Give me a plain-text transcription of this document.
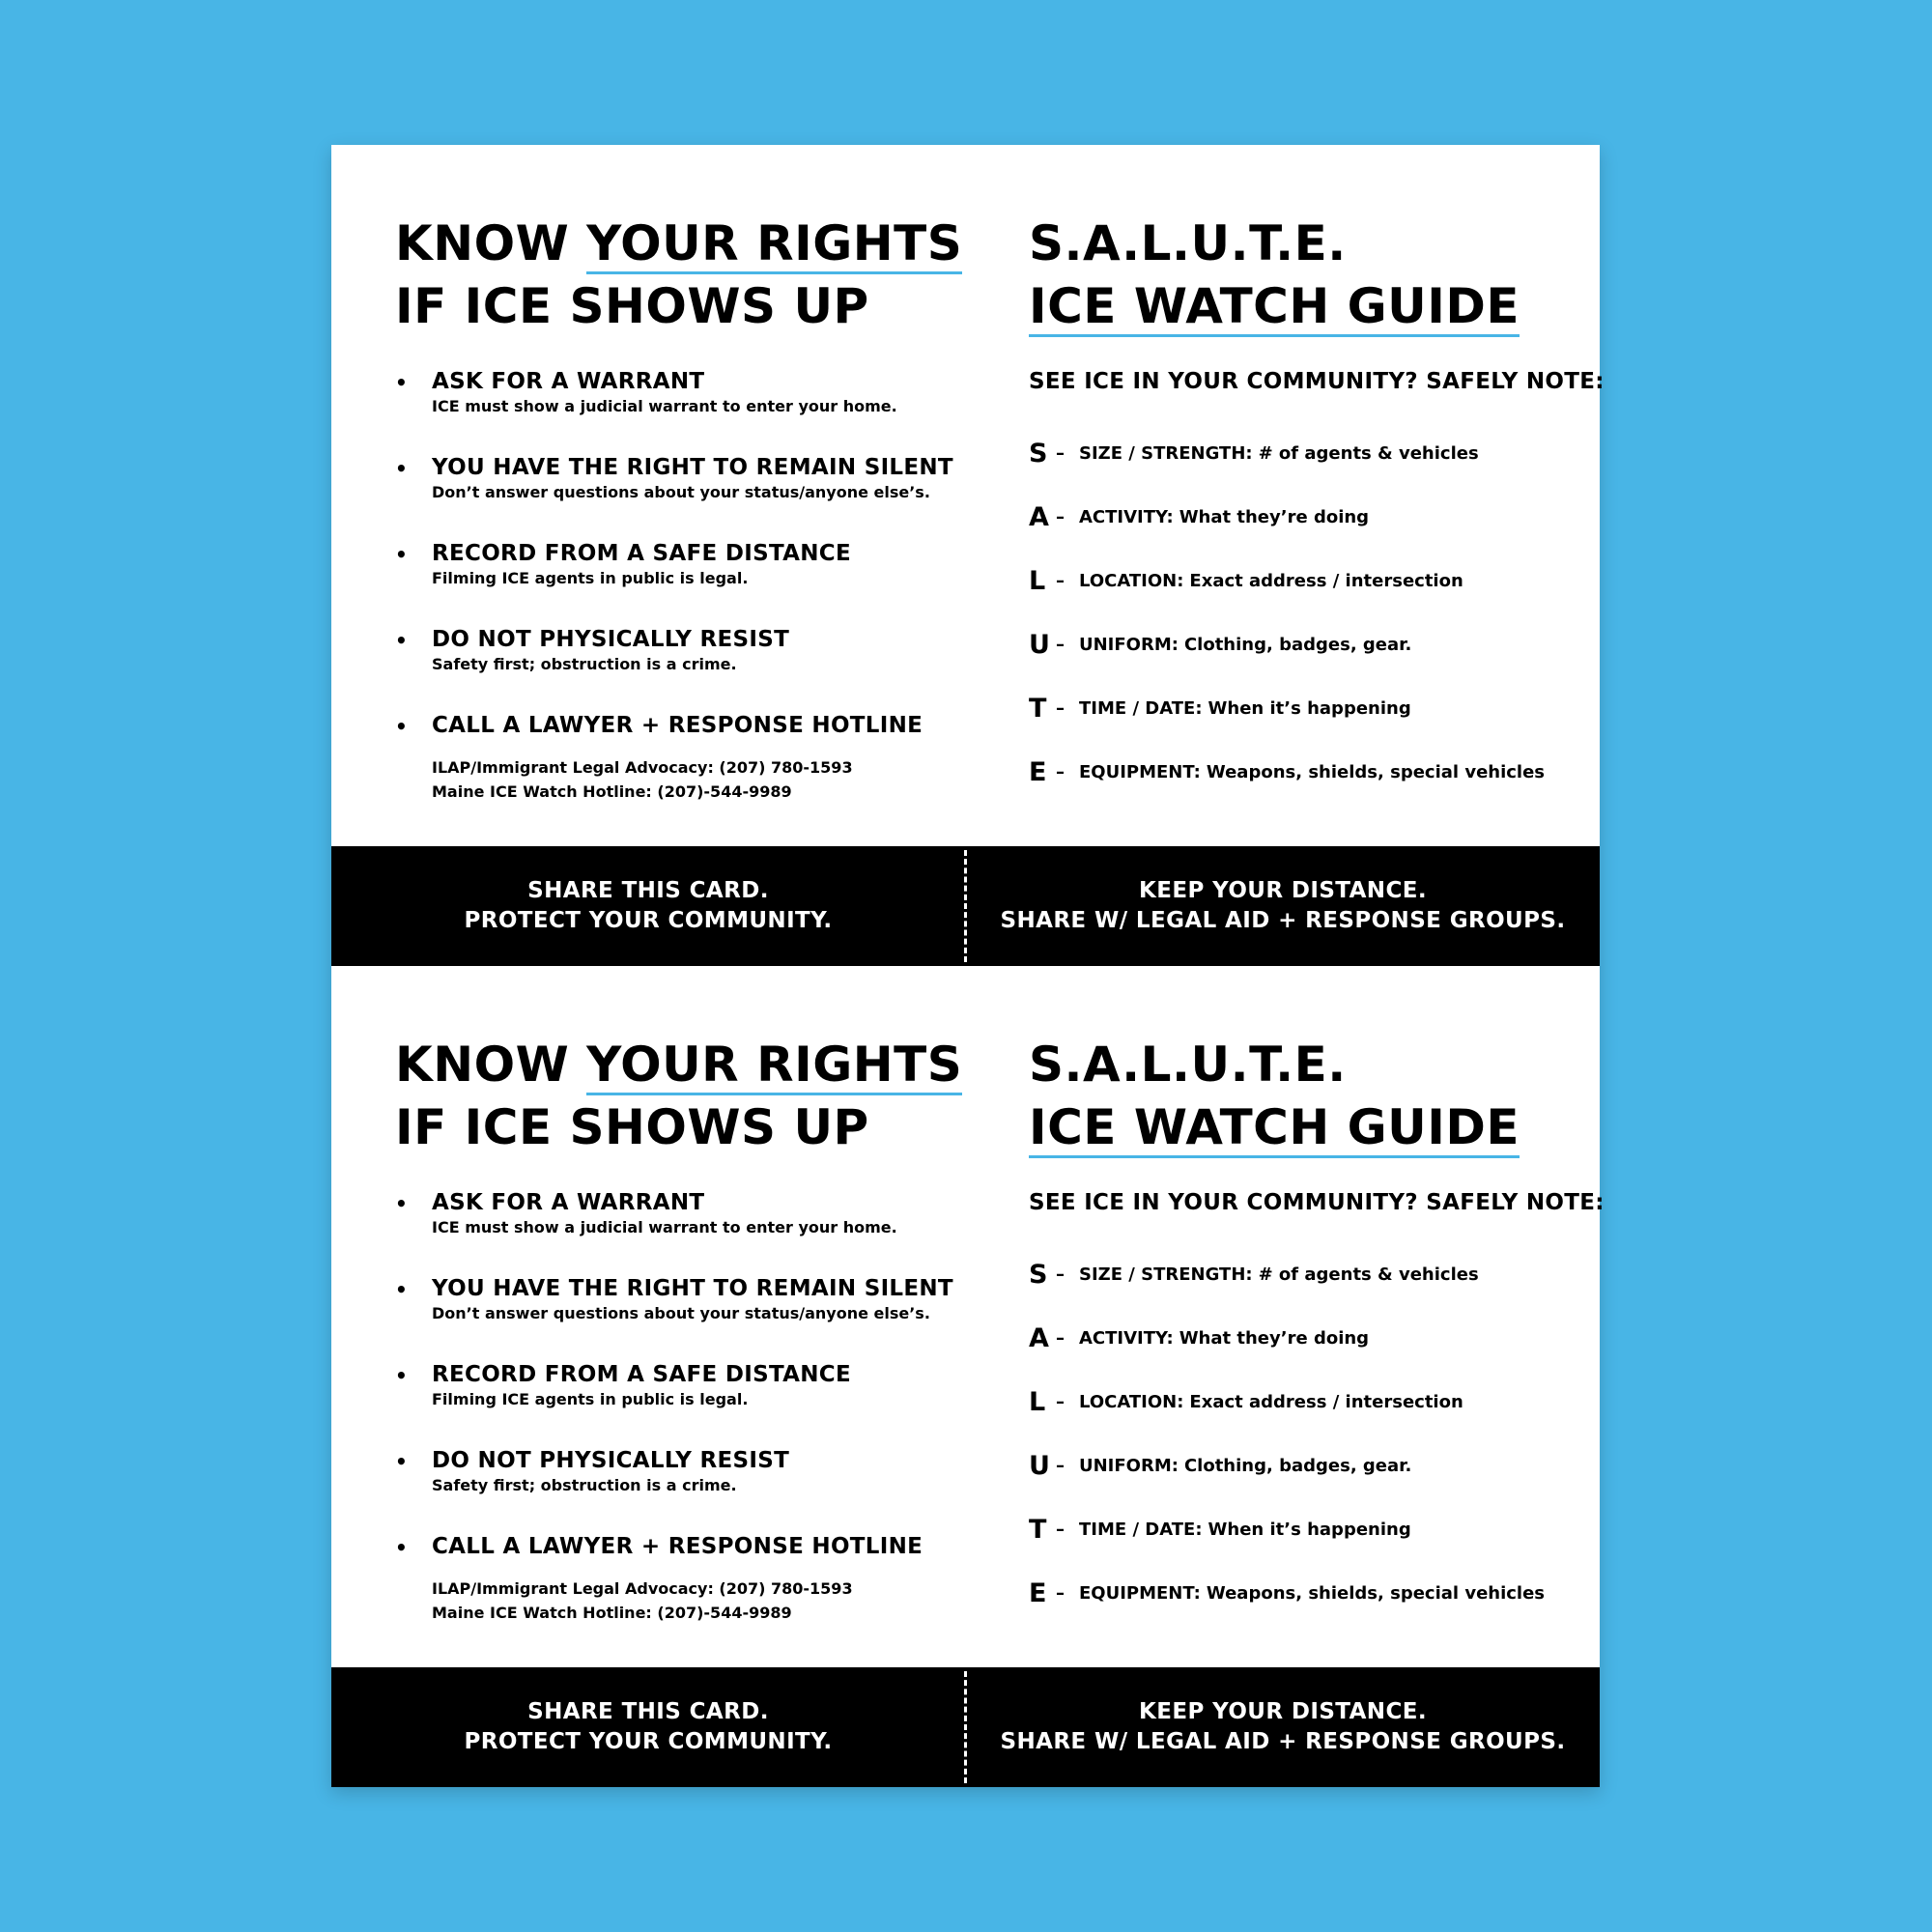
KNOW YOUR RIGHTS
IF ICE SHOWS UP
• ASK FOR A WARRANT
ICE must show a judicial warrant to enter your home.
• YOU HAVE THE RIGHT TO REMAIN SILENT
Don’t answer questions about your status/anyone else’s.
• RECORD FROM A SAFE DISTANCE
Filming ICE agents in public is legal.
• DO NOT PHYSICALLY RESIST
Safety first; obstruction is a crime.
• CALL A LAWYER + RESPONSE HOTLINE
ILAP/Immigrant Legal Advocacy: (207) 780-1593
Maine ICE Watch Hotline: (207)-544-9989
S.A.L.U.T.E.
ICE WATCH GUIDE

SEE ICE IN YOUR COMMUNITY? SAFELY NOTE:

S – SIZE / STRENGTH: # of agents & vehicles
A – ACTIVITY: What they’re doing
L – LOCATION: Exact address / intersection
U – UNIFORM: Clothing, badges, gear.
T – TIME / DATE: When it’s happening
E – EQUIPMENT: Weapons, shields, special vehicles
SHARE THIS CARD.
PROTECT YOUR COMMUNITY.
KEEP YOUR DISTANCE.
SHARE W/ LEGAL AID + RESPONSE GROUPS.
KNOW YOUR RIGHTS
IF ICE SHOWS UP
• ASK FOR A WARRANT
ICE must show a judicial warrant to enter your home.
• YOU HAVE THE RIGHT TO REMAIN SILENT
Don’t answer questions about your status/anyone else’s.
• RECORD FROM A SAFE DISTANCE
Filming ICE agents in public is legal.
• DO NOT PHYSICALLY RESIST
Safety first; obstruction is a crime.
• CALL A LAWYER + RESPONSE HOTLINE
ILAP/Immigrant Legal Advocacy: (207) 780-1593
Maine ICE Watch Hotline: (207)-544-9989
S.A.L.U.T.E.
ICE WATCH GUIDE

SEE ICE IN YOUR COMMUNITY? SAFELY NOTE:

S – SIZE / STRENGTH: # of agents & vehicles
A – ACTIVITY: What they’re doing
L – LOCATION: Exact address / intersection
U – UNIFORM: Clothing, badges, gear.
T – TIME / DATE: When it’s happening
E – EQUIPMENT: Weapons, shields, special vehicles
SHARE THIS CARD.
PROTECT YOUR COMMUNITY.
KEEP YOUR DISTANCE.
SHARE W/ LEGAL AID + RESPONSE GROUPS.
